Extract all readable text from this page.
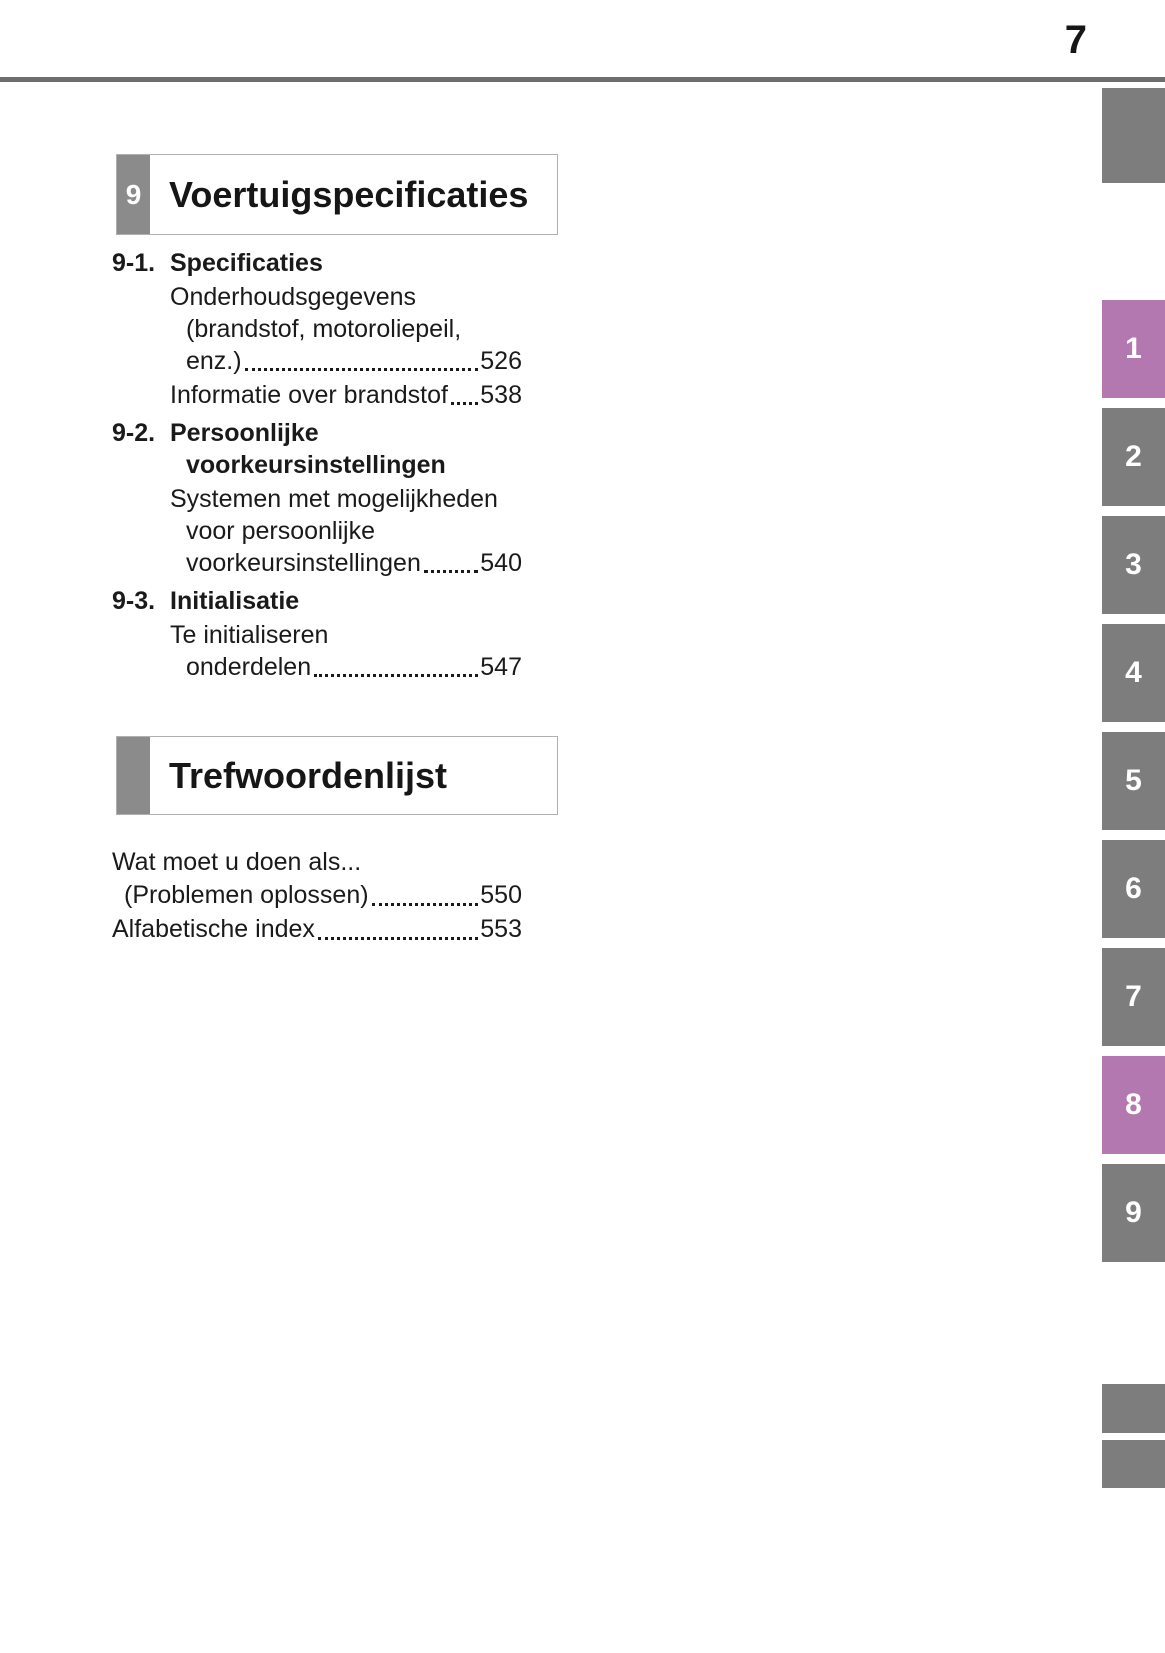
7
9 Voertuigspecificaties
9-1. Specificaties
Onderhoudsgegevens
(brandstof, motoroliepeil,
enz.)	526
Informatie over brandstof 538
9-2. Persoonlijke
voorkeursinstellingen
Systemen met mogelijkheden
voor persoonlijke
voorkeursinstellingen 540
9-3. Initialisatie
Te initialiseren
onderdelen	547
Trefwoordenlijst
Wat moet u doen als...
(Problemen oplossen)	550
Alfabetische index	553
1
2
3
4
5
6
7
8
9
